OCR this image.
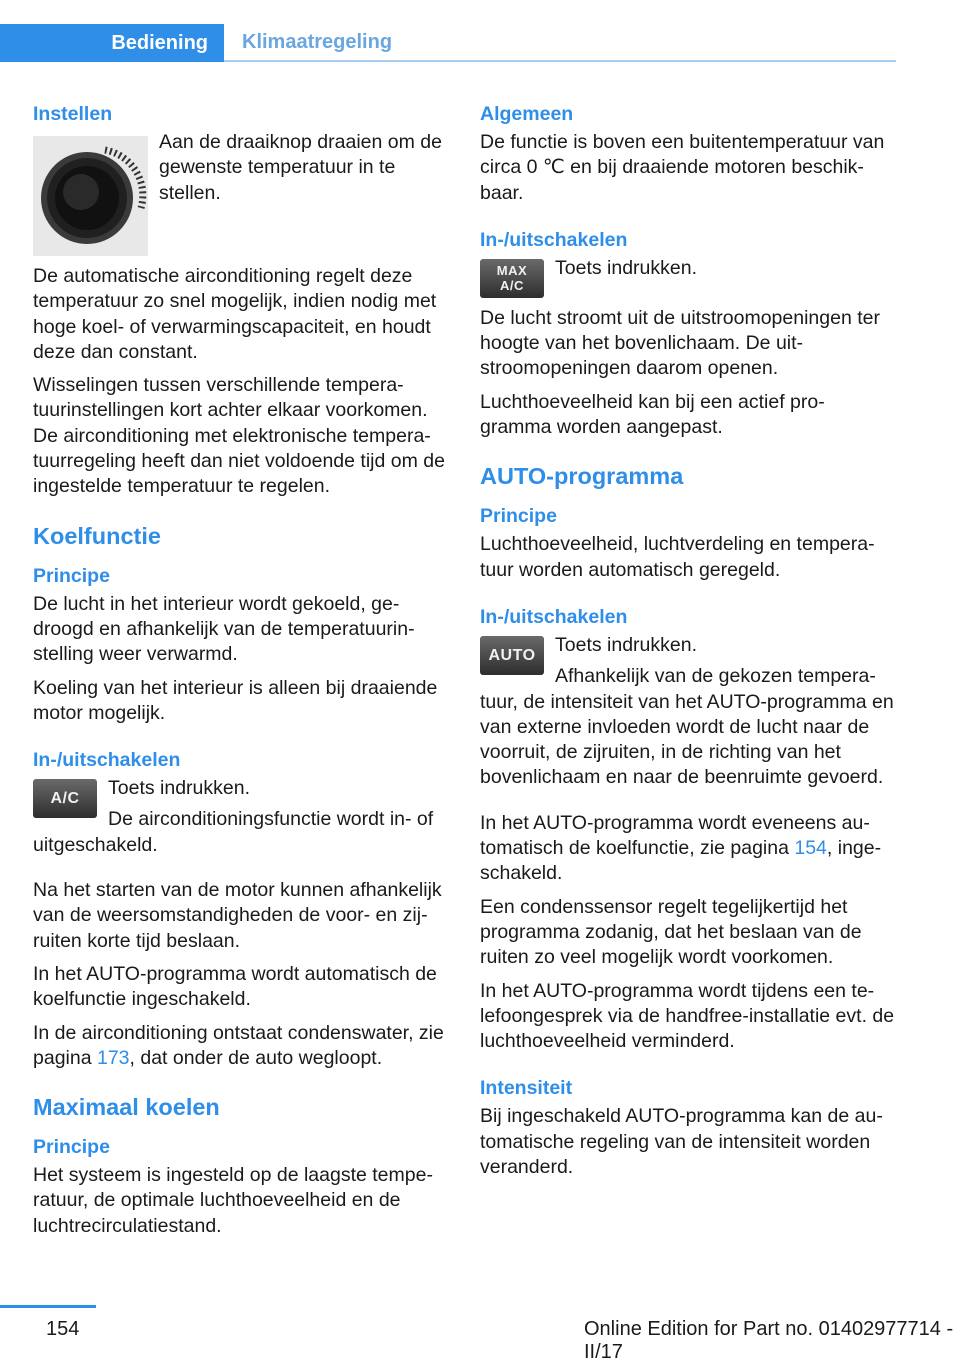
Bediening	Klimaatregeling
Instellen

Aan de draaiknop draaien om de gewenste temperatuur in te stellen.

De automatische airconditioning regelt deze temperatuur zo snel mogelijk, indien nodig met hoge koel- of verwarmingscapaciteit, en houdt deze dan constant.

Wisselingen tussen verschillende tempera‐tuurinstellingen kort achter elkaar voorkomen. De airconditioning met elektronische tempera‐tuurregeling heeft dan niet voldoende tijd om de ingestelde temperatuur te regelen.

Koelfunctie
Principe

De lucht in het interieur wordt gekoeld, ge‐droogd en afhankelijk van de temperatuurin‐stelling weer verwarmd.

Koeling van het interieur is alleen bij draaiende motor mogelijk.

In-/uitschakelen
A/C	Toets indrukken.

De airconditioningsfunctie wordt in- of uitgeschakeld.

Na het starten van de motor kunnen afhankelijk van de weersomstandigheden de voor- en zij‐ruiten korte tijd beslaan.

In het AUTO-programma wordt automatisch de koelfunctie ingeschakeld.

In de airconditioning ontstaat condenswater, zie pagina 173, dat onder de auto wegloopt.

Maximaal koelen
Principe

Het systeem is ingesteld op de laagste tempe‐ratuur, de optimale luchthoeveelheid en de luchtrecirculatiestand.

Algemeen

De functie is boven een buitentemperatuur van circa 0 ℃ en bij draaiende motoren beschik‐baar.

In-/uitschakelen
MAX
A/C

Toets indrukken.

De lucht stroomt uit de uitstroomopeningen ter hoogte van het bovenlichaam. De uit‐stroomopeningen daarom openen.

Luchthoeveelheid kan bij een actief pro‐gramma worden aangepast.

AUTO-programma
Principe

Luchthoeveelheid, luchtverdeling en tempera‐tuur worden automatisch geregeld.

In-/uitschakelen
AUTO Toets indrukken.

Afhankelijk van de gekozen tempera‐tuur, de intensiteit van het AUTO-programma en van externe invloeden wordt de lucht naar de voorruit, de zijruiten, in de richting van het bovenlichaam en naar de beenruimte gevoerd.

In het AUTO-programma wordt eveneens au‐tomatisch de koelfunctie, zie pagina 154, inge‐schakeld.

Een condenssensor regelt tegelijkertijd het programma zodanig, dat het beslaan van de ruiten zo veel mogelijk wordt voorkomen.

In het AUTO-programma wordt tijdens een te‐lefoongesprek via de handfree-installatie evt. de luchthoeveelheid verminderd.

Intensiteit

Bij ingeschakeld AUTO-programma kan de au‐tomatische regeling van de intensiteit worden veranderd.

154	Online Edition for Part no. 01402977714 - II/17
